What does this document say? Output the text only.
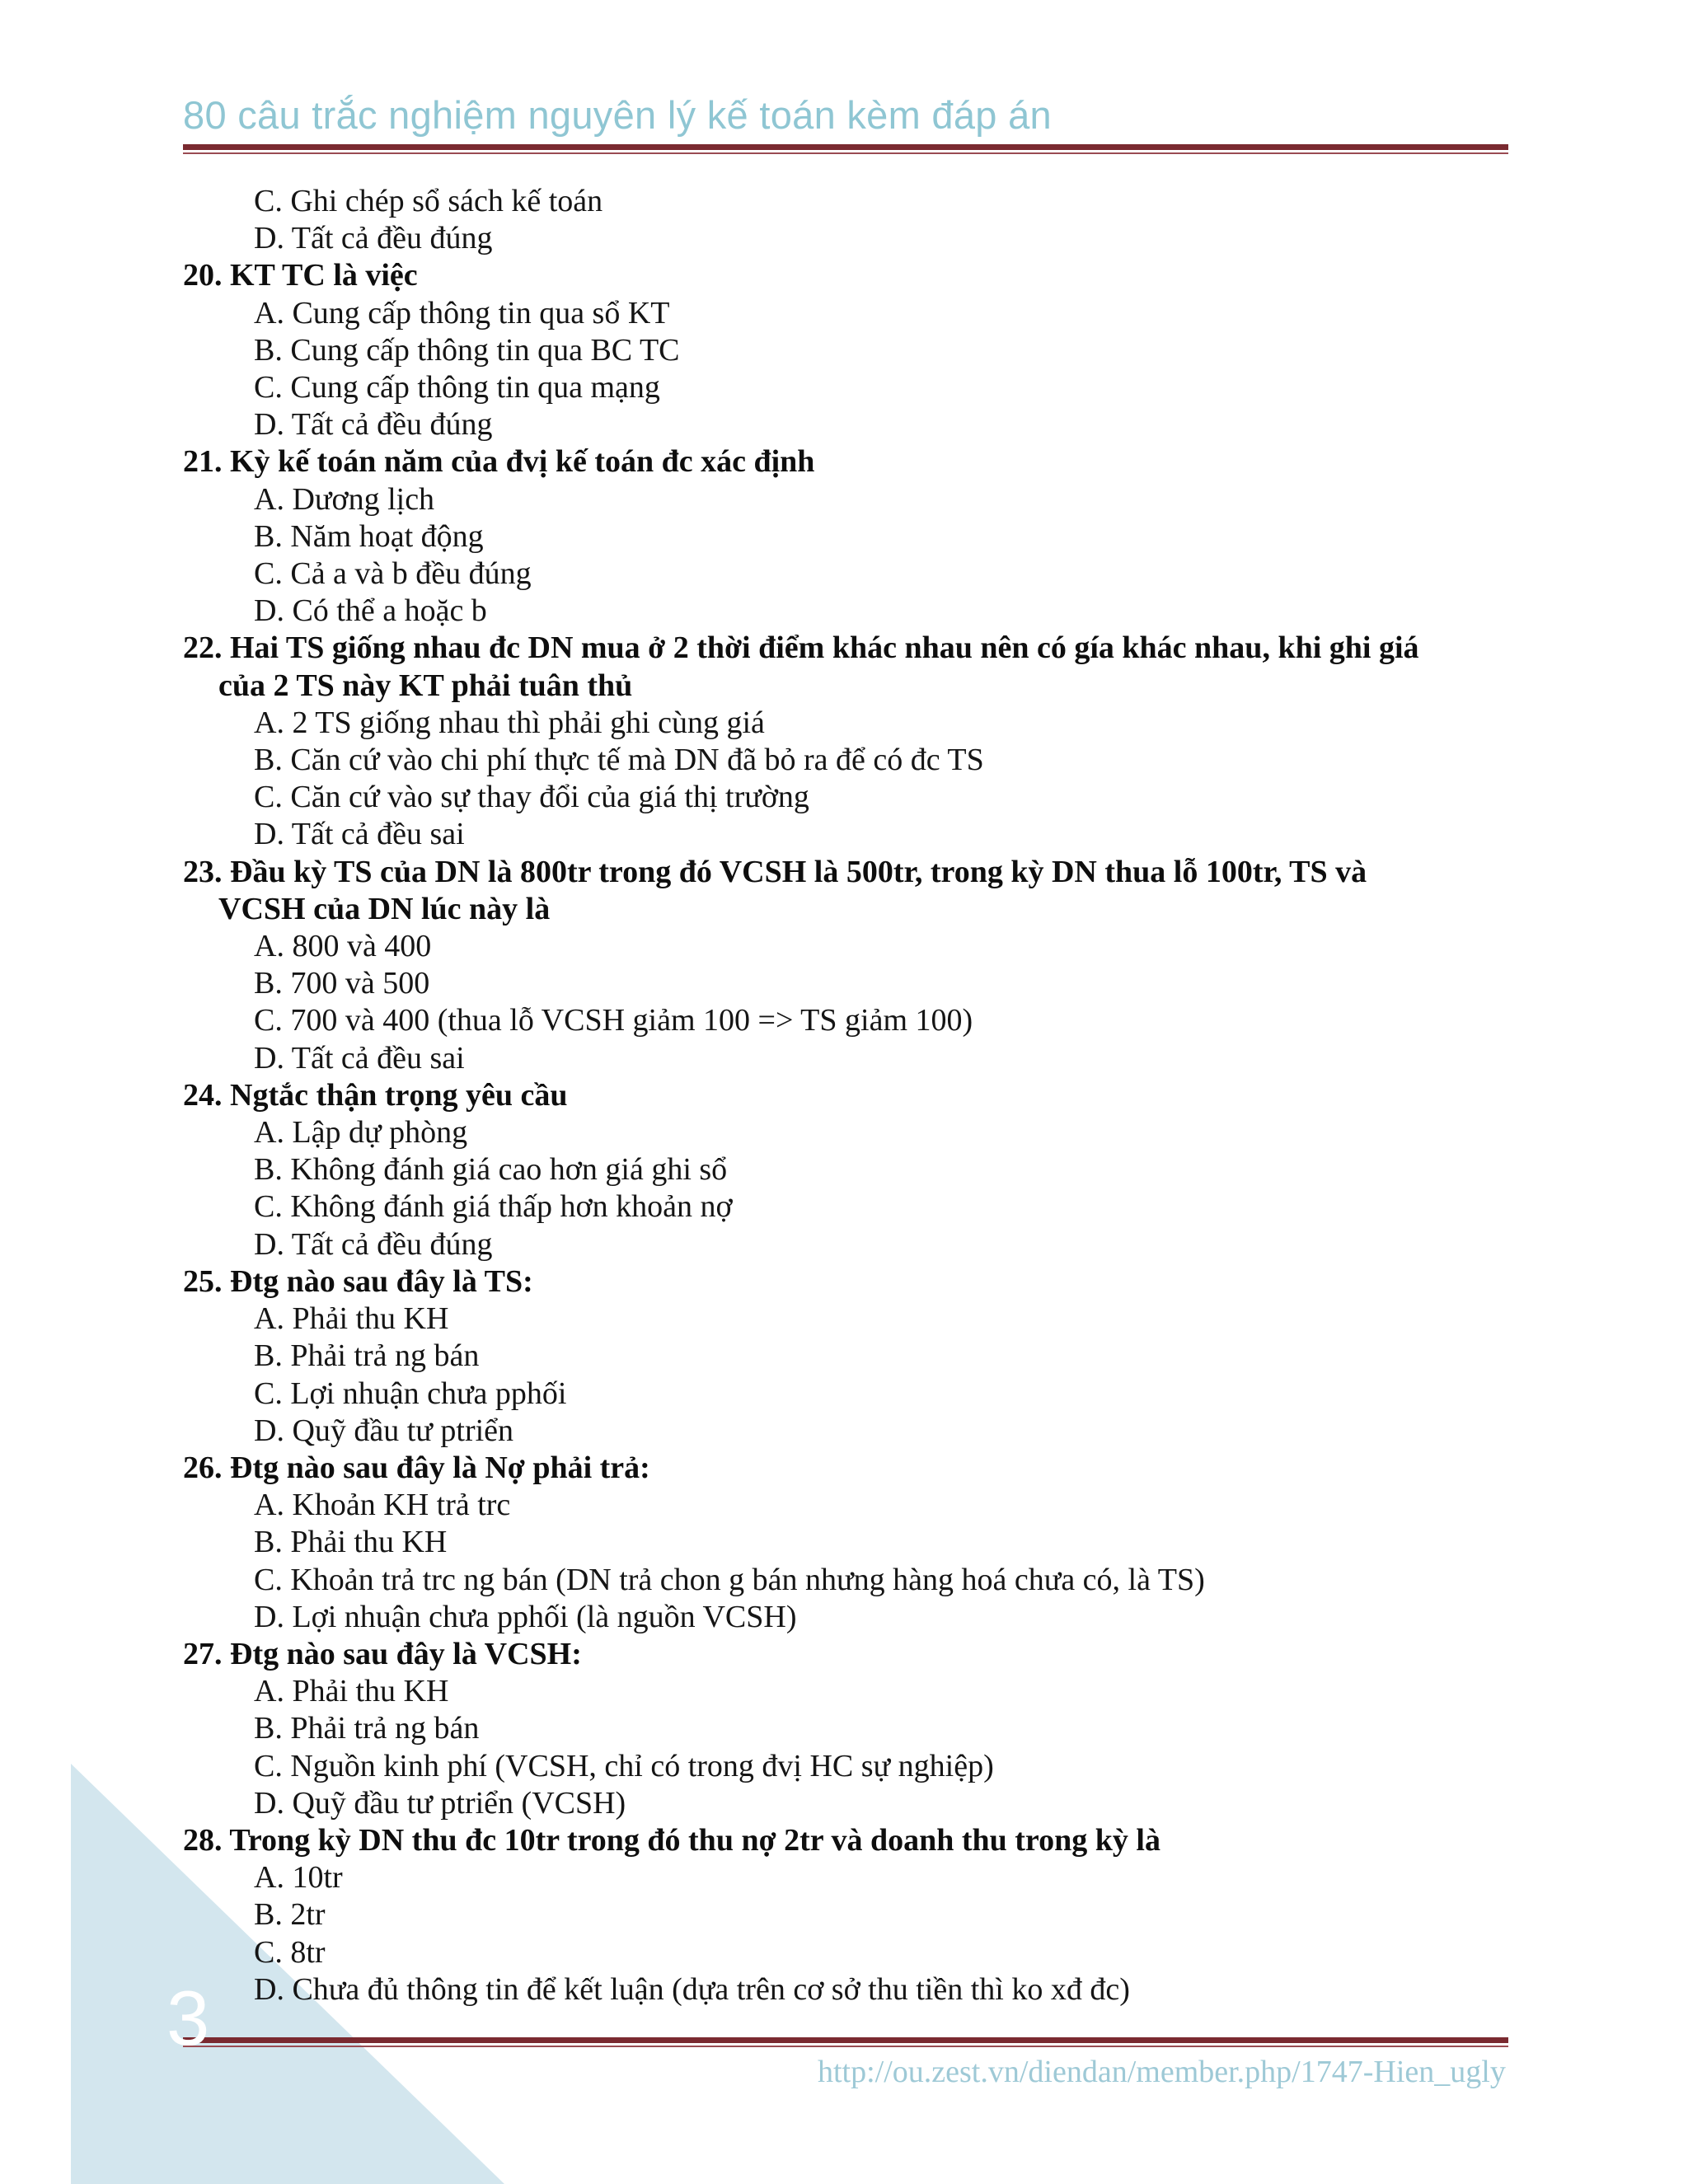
80 câu trắc nghiệm nguyên lý kế toán kèm đáp án
C. Ghi chép sổ sách kế toán
D. Tất cả đều đúng
20. KT TC là việc
A. Cung cấp thông tin qua sổ KT
B. Cung cấp thông tin qua BC TC
C. Cung cấp thông tin qua mạng
D. Tất cả đều đúng
21. Kỳ kế toán năm của đvị kế toán đc xác định
A. Dương lịch
B. Năm hoạt động
C. Cả a và b đều đúng
D. Có thể a hoặc b
22. Hai TS giống nhau đc DN mua ở 2 thời điểm khác nhau nên có gía khác nhau, khi ghi giá
của 2 TS này KT phải tuân thủ
A. 2 TS giống nhau thì phải ghi cùng giá
B. Căn cứ vào chi phí thực tế mà DN đã bỏ ra để có đc TS
C. Căn cứ vào sự thay đổi của giá thị trường
D. Tất cả đều sai
23. Đầu kỳ TS của DN là 800tr trong đó VCSH là 500tr, trong kỳ DN thua lỗ 100tr, TS và
VCSH của DN lúc này là
A. 800 và 400
B. 700 và 500
C. 700 và 400 (thua lỗ VCSH giảm 100 => TS giảm 100)
D. Tất cả đều sai
24. Ngtắc thận trọng yêu cầu
A. Lập dự phòng
B. Không đánh giá cao hơn giá ghi sổ
C. Không đánh giá thấp hơn khoản nợ
D. Tất cả đều đúng
25. Đtg nào sau đây là TS:
A. Phải thu KH
B. Phải trả ng bán
C. Lợi nhuận chưa pphối
D. Quỹ đầu tư ptriển
26. Đtg nào sau đây là Nợ phải trả:
A. Khoản KH trả trc
B. Phải thu KH
C. Khoản trả trc ng bán (DN trả chon g bán nhưng hàng hoá chưa có, là TS)
D. Lợi nhuận chưa pphối (là nguồn VCSH)
27. Đtg nào sau đây là VCSH:
A. Phải thu KH
B. Phải trả ng bán
C. Nguồn kinh phí (VCSH, chỉ có trong đvị HC sự nghiệp)
D. Quỹ đầu tư ptriển (VCSH)
28. Trong kỳ DN thu đc 10tr trong đó thu nợ 2tr và doanh thu trong kỳ là
A. 10tr
B. 2tr
C. 8tr
D. Chưa đủ thông tin để kết luận (dựa trên cơ sở thu tiền thì ko xđ đc)
3
http://ou.zest.vn/diendan/member.php/1747-Hien_ugly
